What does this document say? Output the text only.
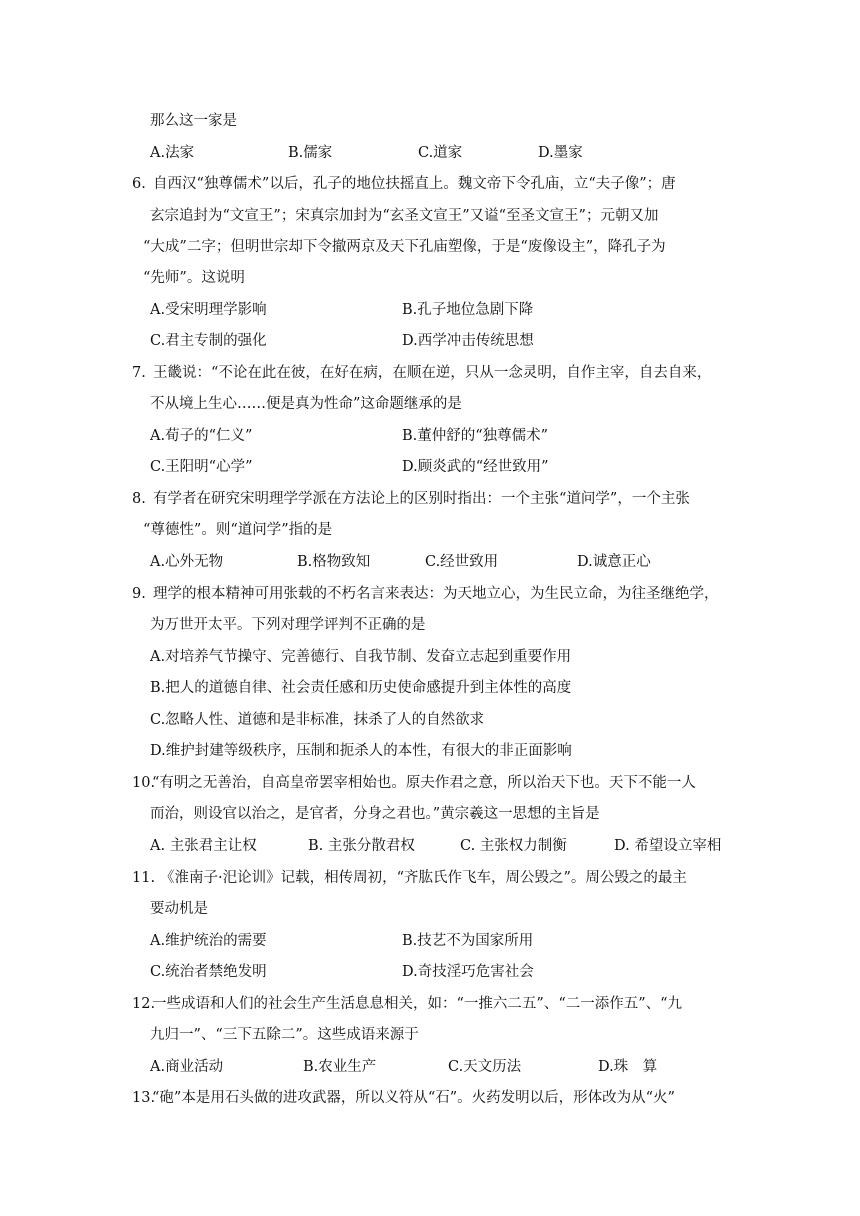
那么这一家是
A.法家	B.儒家	C.道家	D.墨家
6. 自西汉“独尊儒术”以后，孔子的地位扶摇直上。魏文帝下令孔庙，立“夫子像”；唐
玄宗追封为“文宣王”；宋真宗加封为“玄圣文宣王”又谥“至圣文宣王”；元朝又加
“大成”二字；但明世宗却下令撤两京及天下孔庙塑像，于是“废像设主”，降孔子为
“先师”。这说明
A.受宋明理学影响	B.孔子地位急剧下降
C.君主专制的强化	D.西学冲击传统思想
7. 王畿说：“不论在此在彼，在好在病，在顺在逆，只从一念灵明，自作主宰，自去自来，
不从境上生心……便是真为性命”这命题继承的是
A.荀子的“仁义”	B.董仲舒的“独尊儒术”
C.王阳明“心学”	D.顾炎武的“经世致用”
8. 有学者在研究宋明理学学派在方法论上的区别时指出：一个主张“道问学”，一个主张
“尊德性”。则“道问学”指的是
A.心外无物	B.格物致知	C.经世致用	D.诚意正心
9. 理学的根本精神可用张载的不朽名言来表达：为天地立心，为生民立命，为往圣继绝学，
为万世开太平。下列对理学评判不正确的是
A.对培养气节操守、完善德行、自我节制、发奋立志起到重要作用
B.把人的道德自律、社会责任感和历史使命感提升到主体性的高度
C.忽略人性、道德和是非标准，抹杀了人的自然欲求
D.维护封建等级秩序，压制和扼杀人的本性，有很大的非正面影响
10.
“有明之无善治，自高皇帝罢宰相始也。原夫作君之意，所以治天下也。天下不能一人
而治，则设官以治之，是官者，分身之君也。”黄宗羲这一思想的主旨是
A. 主张君主让权	B. 主张分散君权	C. 主张权力制衡	D. 希望设立宰相
11. 《淮南子·汜论训》记载，相传周初，“齐肱氏作飞车，周公毁之”。周公毁之的最主
要动机是
A.维护统治的需要	B.技艺不为国家所用
C.统治者禁绝发明	D.奇技淫巧危害社会
12.
一些成语和人们的社会生产生活息息相关，如：“一推六二五”、“二一添作五”、“九
九归一”、“三下五除二”。这些成语来源于
A.商业活动	B.农业生产	C.天文历法	D.珠　算
13.
“砲”本是用石头做的进攻武器，所以义符从“石”。火药发明以后，形体改为从“火”
